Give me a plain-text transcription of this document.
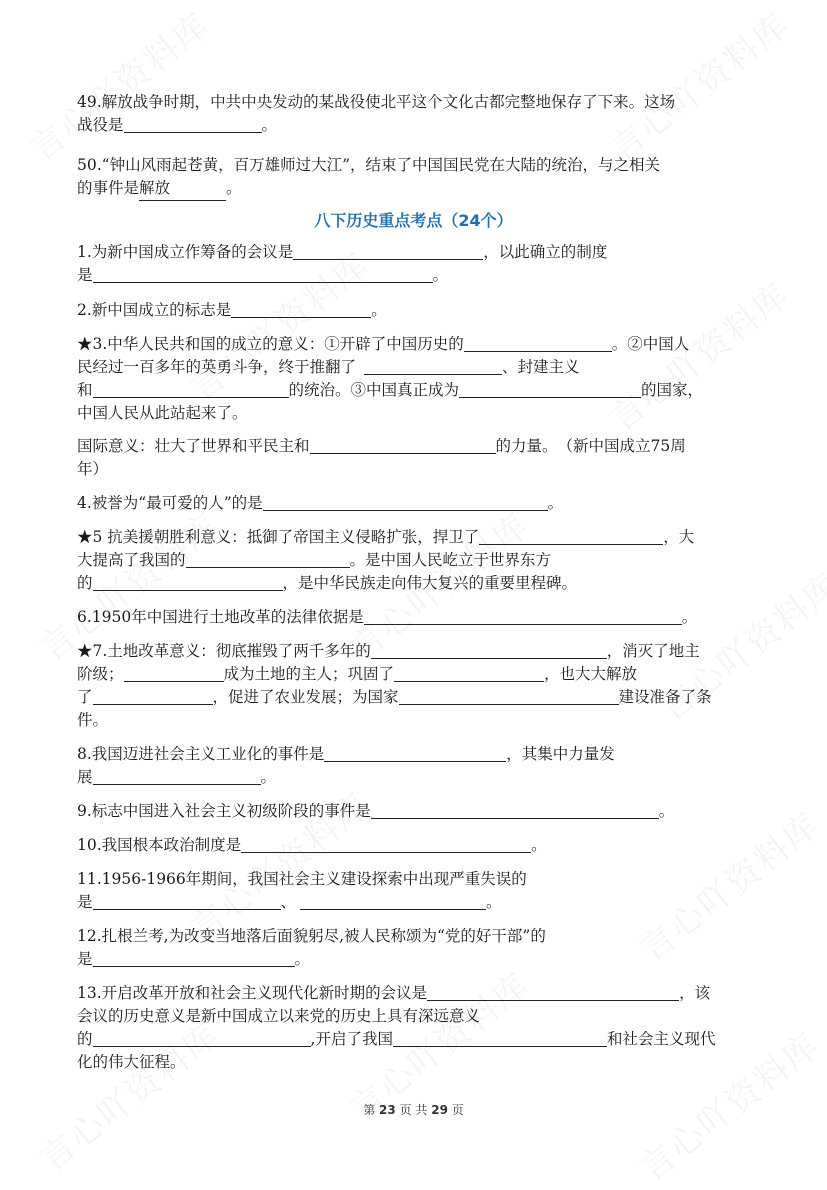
49.解放战争时期，中共中央发动的某战役使北平这个文化古都完整地保存了下来。这场
战役是	。
50.“钟山风雨起苍黄，百万雄师过大江”，结束了中国国民党在大陆的统治，与之相关
的事件是解放	。
八下历史重点考点（24个）
1.为新中国成立作筹备的会议是	，以此确立的制度
是	。
2.新中国成立的标志是	。
★3.中华人民共和国的成立的意义：①开辟了中国历史的	。②中国人
民经过一百多年的英勇斗争，终于推翻了	、封建主义
和	的统治。③中国真正成为	的国家，
中国人民从此站起来了。
国际意义：壮大了世界和平民主和	的力量。　（新中国成立75周
年）
4.被誉为“最可爱的人”的是	。
★5 抗美援朝胜利意义：抵御了帝国主义侵略扩张，捍卫了	，大
大提高了我国的	。是中国人民屹立于世界东方
的	，是中华民族走向伟大复兴的重要里程碑。
6.1950年中国进行土地改革的法律依据是	。
★7.土地改革意义：彻底摧毁了两千多年的	，消灭了地主
阶级；	成为土地的主人；巩固了	，也大大解放
了	，促进了农业发展；为国家	建设准备了条
件。
8.我国迈进社会主义工业化的事件是	，其集中力量发
展	。
9.标志中国进入社会主义初级阶段的事件是	。
10.我国根本政治制度是	。
11.1956-1966年期间，我国社会主义建设探索中出现严重失误的
是	、	。
12.扎根兰考,为改变当地落后面貌躬尽,被人民称颂为“党的好干部”的
是	。
13.开启改革开放和社会主义现代化新时期的会议是	，该
会议的历史意义是新中国成立以来党的历史上具有深远意义
的	,开启了我国	和社会主义现代
化的伟大征程。
第 23 页 共 29 页
